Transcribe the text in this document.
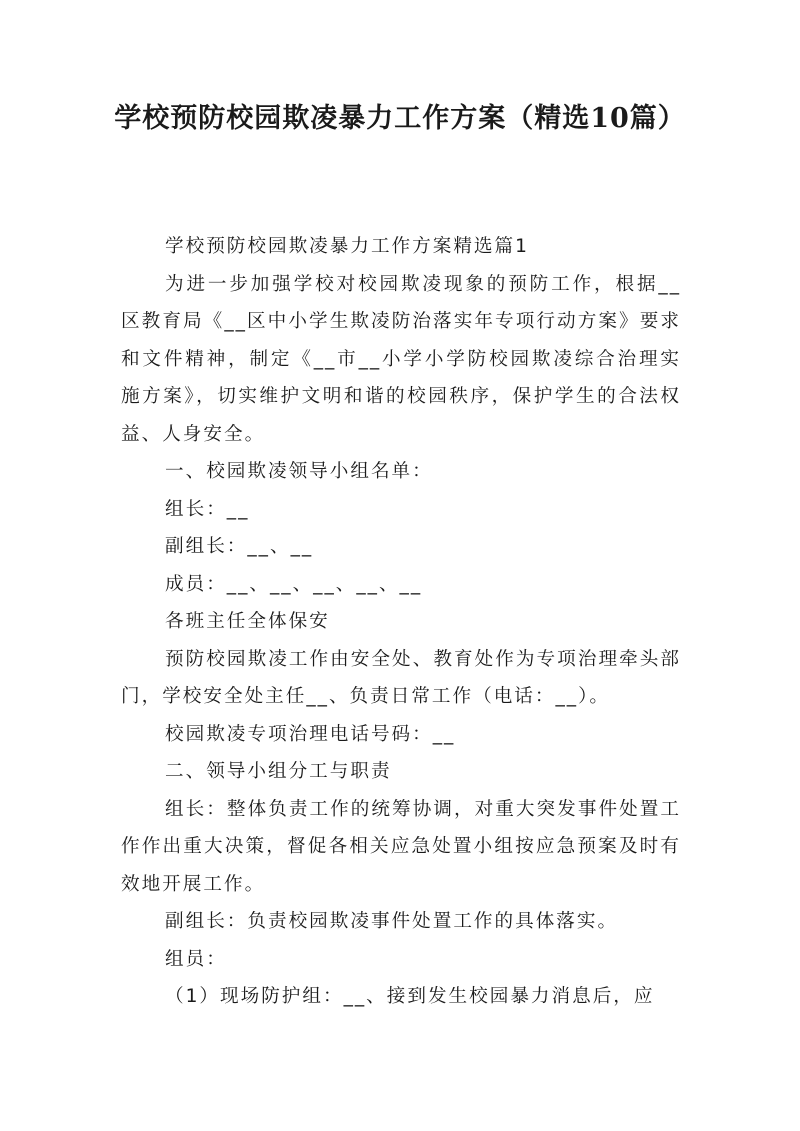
学校预防校园欺凌暴力工作方案（精选10篇）

学校预防校园欺凌暴力工作方案精选篇1

为进一步加强学校对校园欺凌现象的预防工作，根据__区教育局《__区中小学生欺凌防治落实年专项行动方案》要求和文件精神，制定《__市__小学小学防校园欺凌综合治理实施方案》，切实维护文明和谐的校园秩序，保护学生的合法权益、人身安全。

一、校园欺凌领导小组名单：

组长：__

副组长：__、__

成员：__、__、__、__、__

各班主任全体保安

预防校园欺凌工作由安全处、教育处作为专项治理牵头部门，学校安全处主任__、负责日常工作（电话：__）。

校园欺凌专项治理电话号码：__

二、领导小组分工与职责

组长：整体负责工作的统筹协调，对重大突发事件处置工作作出重大决策，督促各相关应急处置小组按应急预案及时有效地开展工作。

副组长：负责校园欺凌事件处置工作的具体落实。

组员：

（1）现场防护组：__、接到发生校园暴力消息后，应
